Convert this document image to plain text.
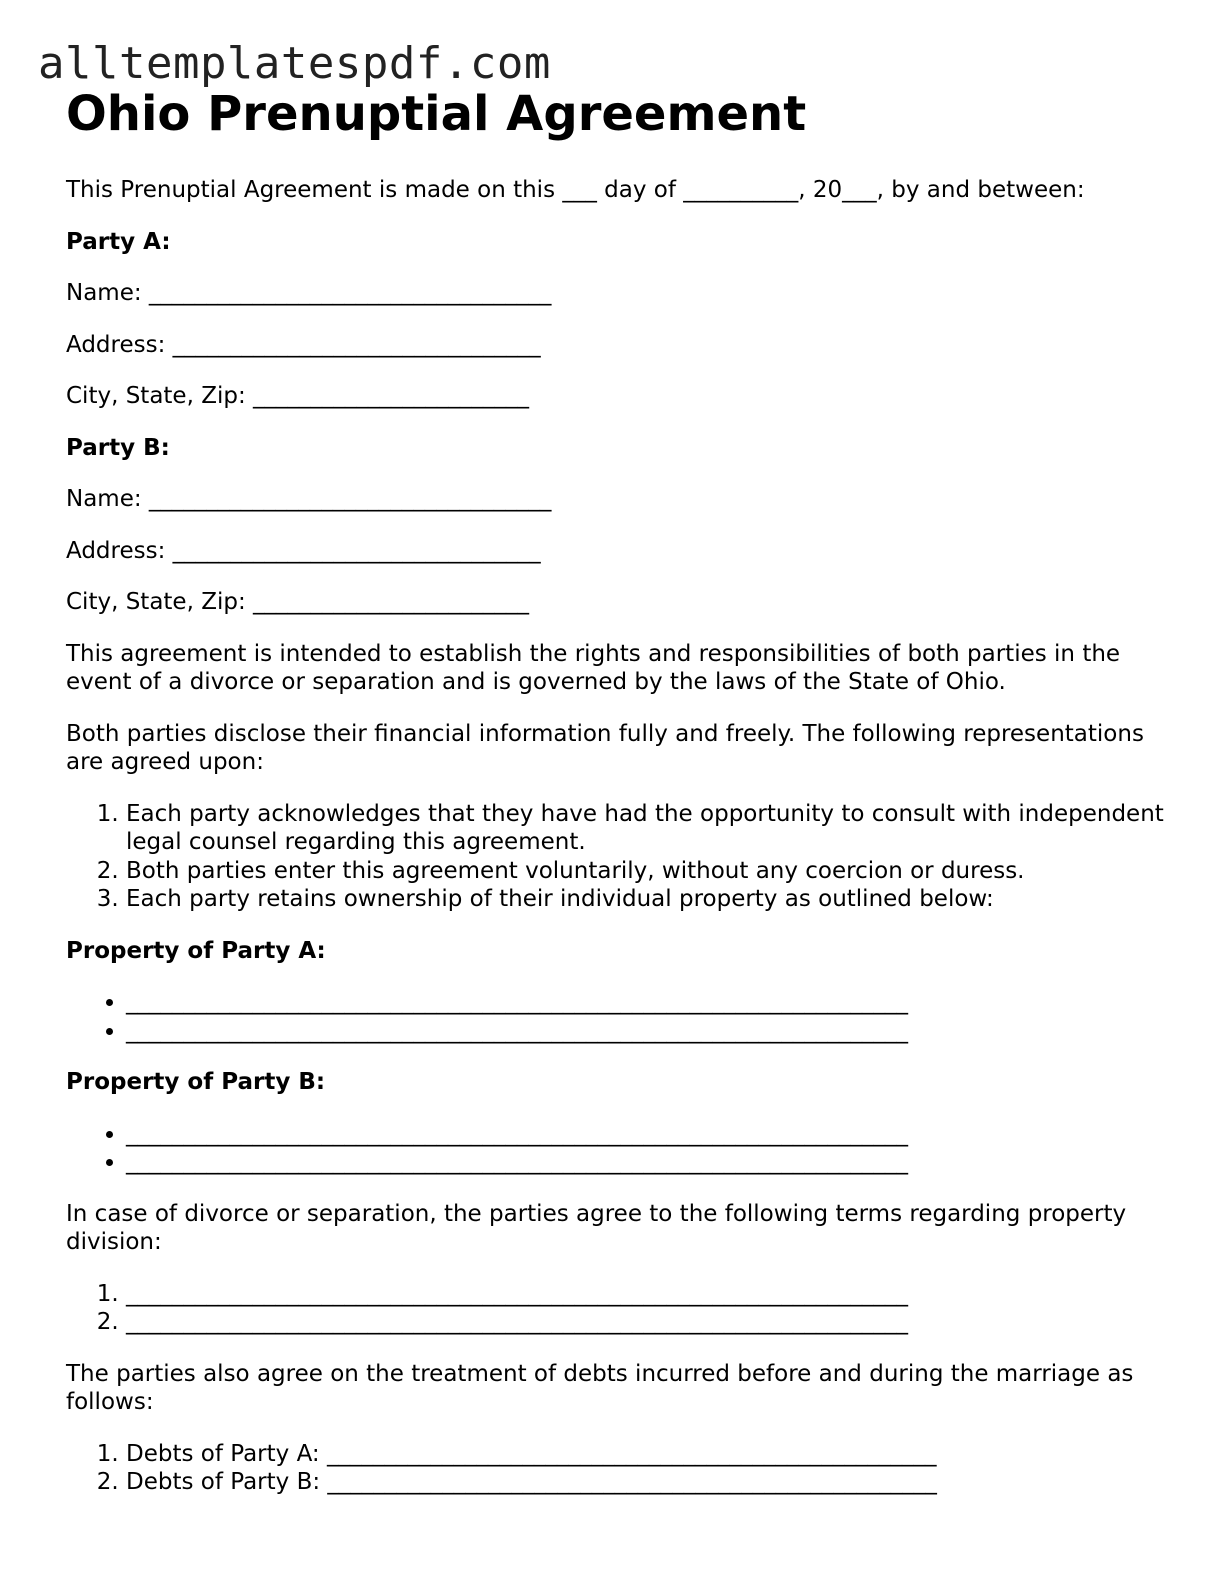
alltemplatespdf.com
Ohio Prenuptial Agreement

This Prenuptial Agreement is made on this ___ day of __________, 20___, by and between:

Party A:

Name: ___________________________________

Address: ________________________________

City, State, Zip: ________________________

Party B:

Name: ___________________________________

Address: ________________________________

City, State, Zip: ________________________

This agreement is intended to establish the rights and responsibilities of both parties in the event of a divorce or separation and is governed by the laws of the State of Ohio.

Both parties disclose their financial information fully and freely. The following representations are agreed upon:

1. Each party acknowledges that they have had the opportunity to consult with independent legal counsel regarding this agreement.
2. Both parties enter this agreement voluntarily, without any coercion or duress.
3. Each party retains ownership of their individual property as outlined below:

Property of Party A:

• ____________________________________________________________________
• ____________________________________________________________________

Property of Party B:

• ____________________________________________________________________
• ____________________________________________________________________

In case of divorce or separation, the parties agree to the following terms regarding property division:

1. ____________________________________________________________________
2. ____________________________________________________________________

The parties also agree on the treatment of debts incurred before and during the marriage as follows:

1. Debts of Party A: _____________________________________________________
2. Debts of Party B: _____________________________________________________
